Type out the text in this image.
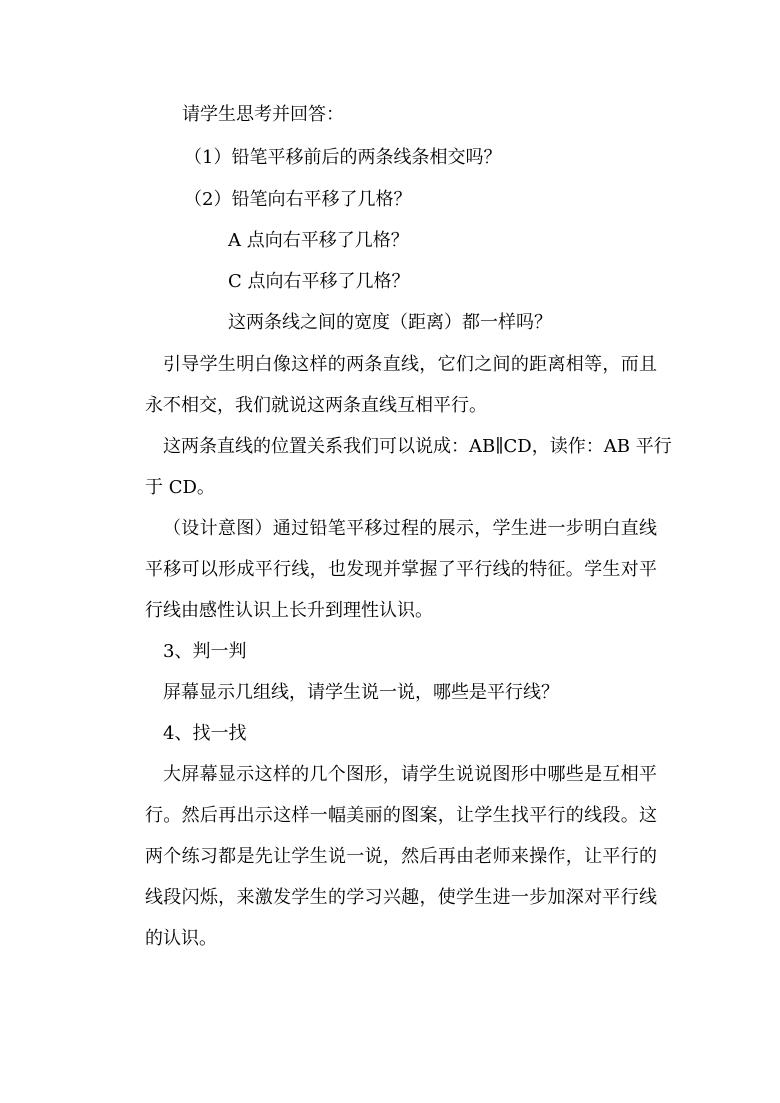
请学生思考并回答：
（1）铅笔平移前后的两条线条相交吗？
（2）铅笔向右平移了几格？
A 点向右平移了几格？
C 点向右平移了几格？
这两条线之间的宽度（距离）都一样吗？
引导学生明白像这样的两条直线，它们之间的距离相等，而且
永不相交，我们就说这两条直线互相平行。
这两条直线的位置关系我们可以说成：AB∥CD，读作：AB 平行
于 CD。
（设计意图）通过铅笔平移过程的展示，学生进一步明白直线
平移可以形成平行线，也发现并掌握了平行线的特征。学生对平
行线由感性认识上长升到理性认识。
3、判一判
屏幕显示几组线，请学生说一说，哪些是平行线？
4、找一找
大屏幕显示这样的几个图形，请学生说说图形中哪些是互相平
行。然后再出示这样一幅美丽的图案，让学生找平行的线段。这
两个练习都是先让学生说一说，然后再由老师来操作，让平行的
线段闪烁，来激发学生的学习兴趣，使学生进一步加深对平行线
的认识。
